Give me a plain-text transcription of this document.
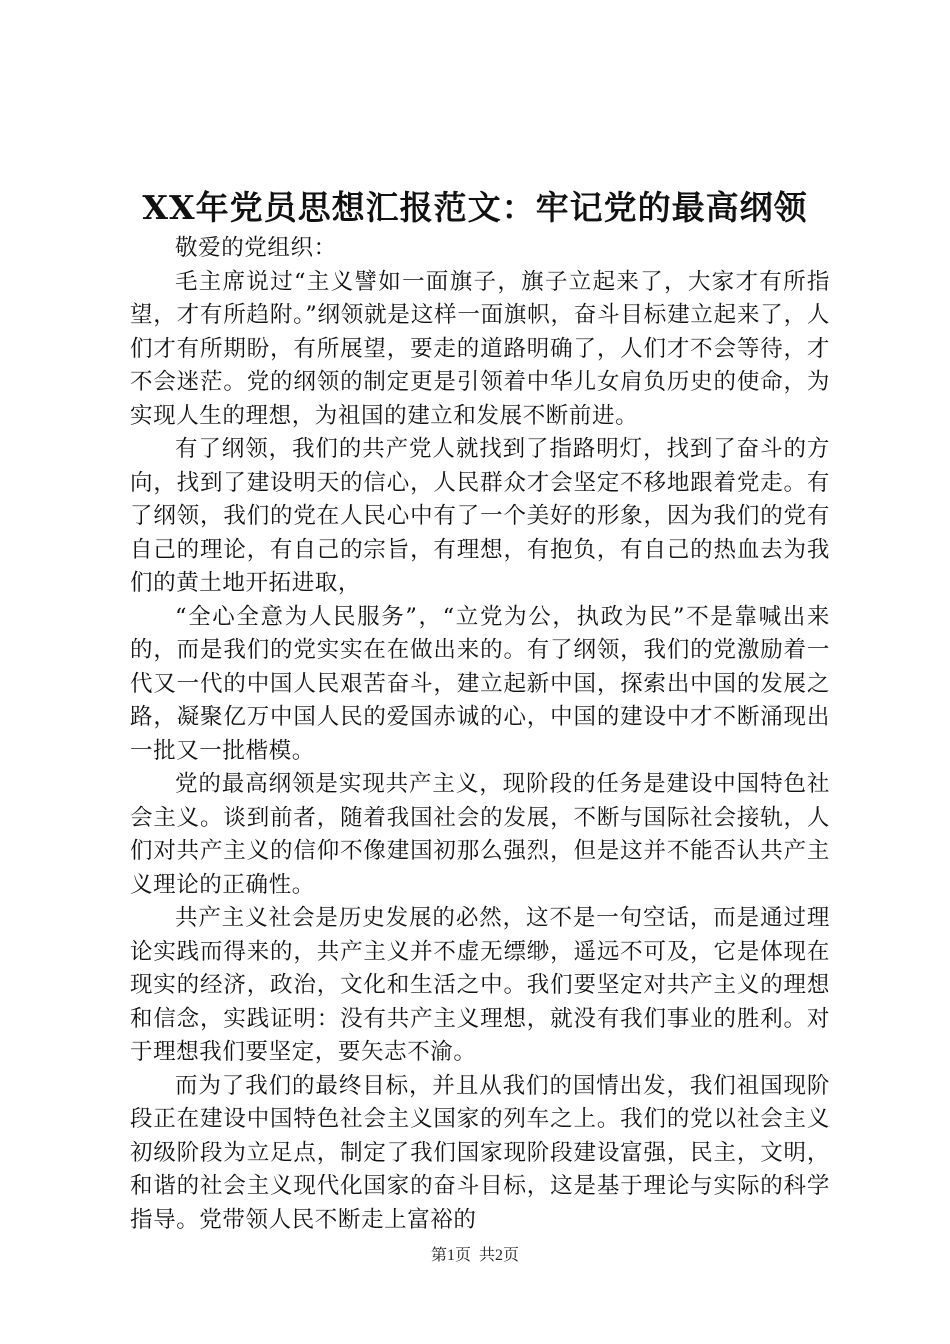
XX年党员思想汇报范文：牢记党的最高纲领

敬爱的党组织：

毛主席说过“主义譬如一面旗子，旗子立起来了，大家才有所指望，才有所趋附。”纲领就是这样一面旗帜，奋斗目标建立起来了，人们才有所期盼，有所展望，要走的道路明确了，人们才不会等待，才不会迷茫。党的纲领的制定更是引领着中华儿女肩负历史的使命，为实现人生的理想，为祖国的建立和发展不断前进。

有了纲领，我们的共产党人就找到了指路明灯，找到了奋斗的方向，找到了建设明天的信心，人民群众才会坚定不移地跟着党走。有了纲领，我们的党在人民心中有了一个美好的形象，因为我们的党有自己的理论，有自己的宗旨，有理想，有抱负，有自己的热血去为我们的黄土地开拓进取，

“全心全意为人民服务”，“立党为公，执政为民”不是靠喊出来的，而是我们的党实实在在做出来的。有了纲领，我们的党激励着一代又一代的中国人民艰苦奋斗，建立起新中国，探索出中国的发展之路，凝聚亿万中国人民的爱国赤诚的心，中国的建设中才不断涌现出一批又一批楷模。

党的最高纲领是实现共产主义，现阶段的任务是建设中国特色社会主义。谈到前者，随着我国社会的发展，不断与国际社会接轨，人们对共产主义的信仰不像建国初那么强烈，但是这并不能否认共产主义理论的正确性。

共产主义社会是历史发展的必然，这不是一句空话，而是通过理论实践而得来的，共产主义并不虚无缥缈，遥远不可及，它是体现在现实的经济，政治，文化和生活之中。我们要坚定对共产主义的理想和信念，实践证明：没有共产主义理想，就没有我们事业的胜利。对于理想我们要坚定，要矢志不渝。

而为了我们的最终目标，并且从我们的国情出发，我们祖国现阶段正在建设中国特色社会主义国家的列车之上。我们的党以社会主义初级阶段为立足点，制定了我们国家现阶段建设富强，民主，文明，和谐的社会主义现代化国家的奋斗目标，这是基于理论与实际的科学指导。党带领人民不断走上富裕的

第1页 共2页
